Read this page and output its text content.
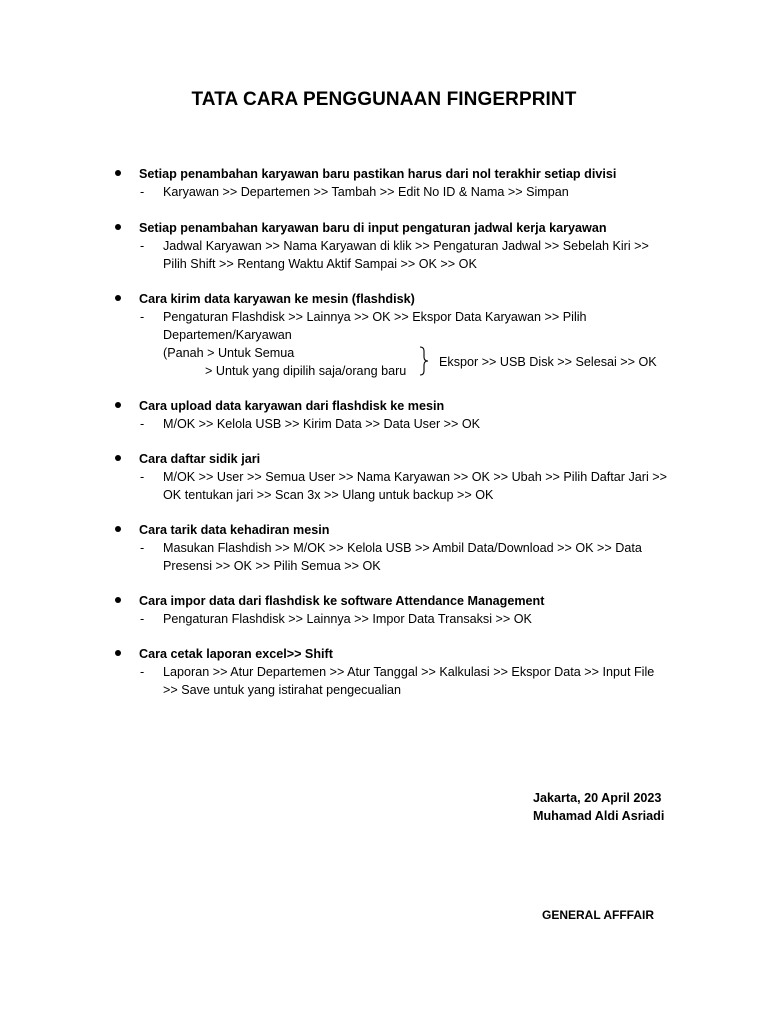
TATA CARA PENGGUNAAN FINGERPRINT
Setiap penambahan karyawan baru pastikan harus dari nol terakhir setiap divisi
- Karyawan >> Departemen >> Tambah >> Edit No ID & Nama >> Simpan
Setiap penambahan karyawan baru di input pengaturan jadwal kerja karyawan
- Jadwal Karyawan >> Nama Karyawan di klik >> Pengaturan Jadwal >> Sebelah Kiri >>
Pilih Shift >> Rentang Waktu Aktif Sampai >> OK >> OK
Cara kirim data karyawan ke mesin (flashdisk)
- Pengaturan Flashdisk >> Lainnya >> OK >> Ekspor Data Karyawan >> Pilih
Departemen/Karyawan
(Panah > Untuk Semua
> Untuk yang dipilih saja/orang baru
Ekspor >> USB Disk >> Selesai >> OK
Cara upload data karyawan dari flashdisk ke mesin
- M/OK >> Kelola USB >> Kirim Data >> Data User >> OK
Cara daftar sidik jari
- M/OK >> User >> Semua User >> Nama Karyawan >> OK >> Ubah >> Pilih Daftar Jari >>
OK tentukan jari >> Scan 3x >> Ulang untuk backup >> OK
Cara tarik data kehadiran mesin
- Masukan Flashdish >> M/OK >> Kelola USB >> Ambil Data/Download >> OK >> Data
Presensi >> OK >> Pilih Semua >> OK
Cara impor data dari flashdisk ke software Attendance Management
- Pengaturan Flashdisk >> Lainnya >> Impor Data Transaksi >> OK
Cara cetak laporan excel>> Shift
- Laporan >> Atur Departemen >> Atur Tanggal >> Kalkulasi >> Ekspor Data >> Input File
>> Save untuk yang istirahat pengecualian
Jakarta, 20 April 2023
Muhamad Aldi Asriadi
GENERAL AFFFAIR
